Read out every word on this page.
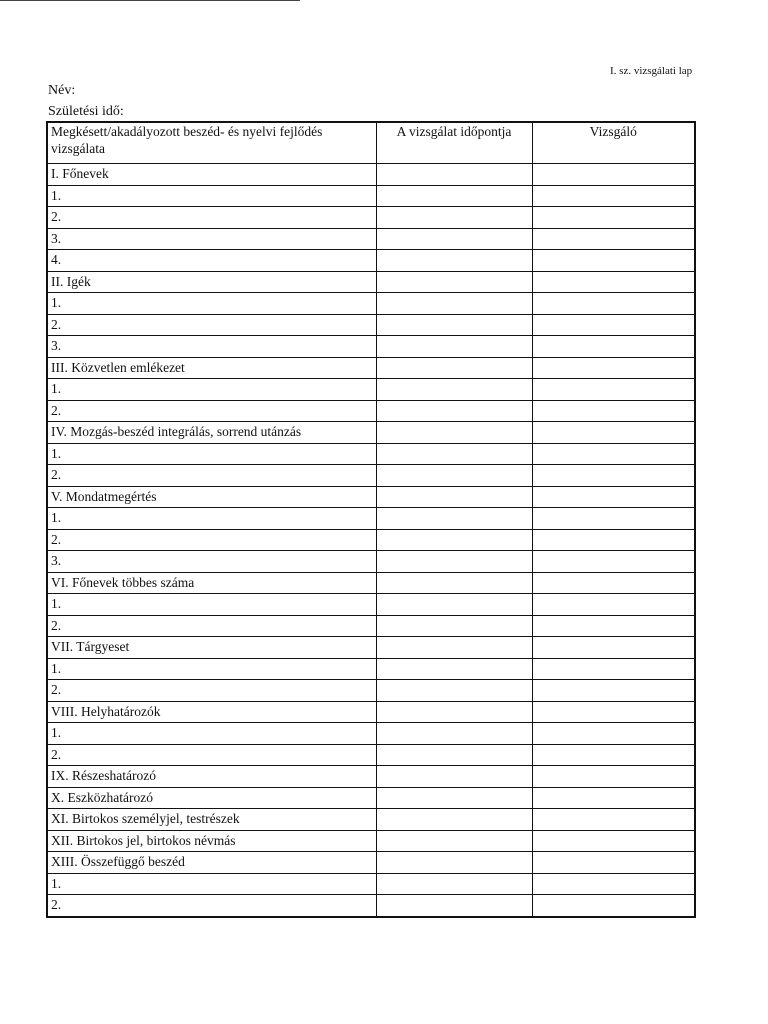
I. sz. vizsgálati lap
Név:
Születési idő:
Megkésett/akadályozott beszéd- és nyelvi fejlődés vizsgálata	A vizsgálat időpontja	Vizsgáló
I. Főnevek		
1.		
2.		
3.		
4.		
II. Igék		
1.		
2.		
3.		
III. Közvetlen emlékezet		
1.		
2.		
IV. Mozgás-beszéd integrálás, sorrend utánzás		
1.		
2.		
V. Mondatmegértés		
1.		
2.		
3.		
VI. Főnevek többes száma		
1.		
2.		
VII. Tárgyeset		
1.		
2.		
VIII. Helyhatározók		
1.		
2.		
IX. Részeshatározó		
X. Eszközhatározó		
XI. Birtokos személyjel, testrészek		
XII. Birtokos jel, birtokos névmás		
XIII. Összefüggő beszéd		
1.		
2.		
